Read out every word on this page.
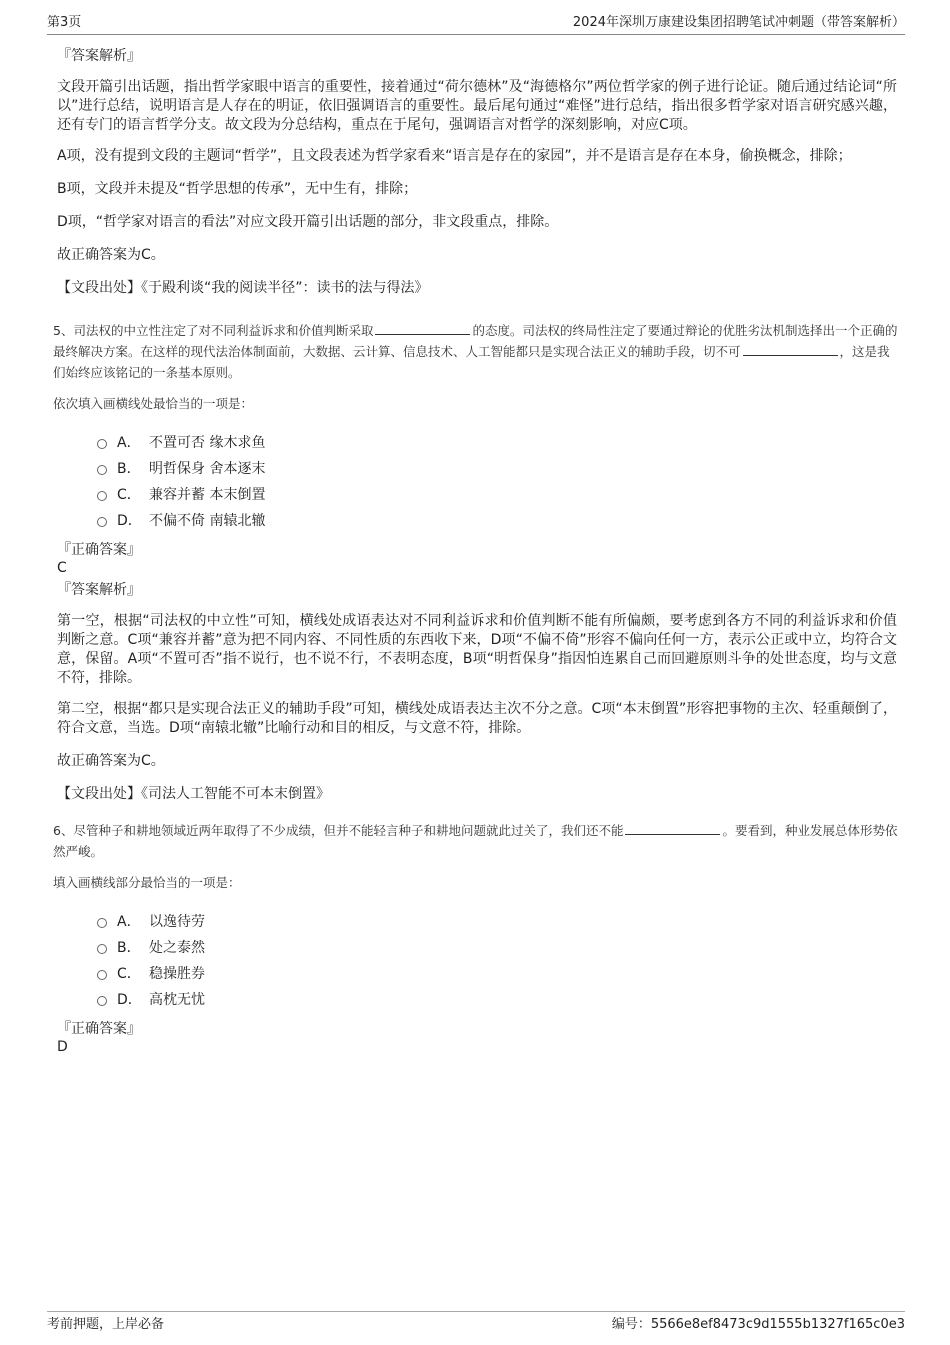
第3页	2024年深圳万康建设集团招聘笔试冲刺题（带答案解析）
『答案解析』
文段开篇引出话题，指出哲学家眼中语言的重要性，接着通过“荷尔德林”及“海德格尔”两位哲学家的例子进行论证。随后通过结论词“所以”进行总结，说明语言是人存在的明证，依旧强调语言的重要性。最后尾句通过“难怪”进行总结，指出很多哲学家对语言研究感兴趣，还有专门的语言哲学分支。故文段为分总结构，重点在于尾句，强调语言对哲学的深刻影响，对应C项。
A项，没有提到文段的主题词“哲学”，且文段表述为哲学家看来“语言是存在的家园”，并不是语言是存在本身，偷换概念，排除；
B项，文段并未提及“哲学思想的传承”，无中生有，排除；
D项，“哲学家对语言的看法”对应文段开篇引出话题的部分，非文段重点，排除。
故正确答案为C。
【文段出处】《于殿利谈“我的阅读半径”：读书的法与得法》
5、司法权的中立性注定了对不同利益诉求和价值判断采取	的态度。司法权的终局性注定了要通过辩论的优胜劣汰机制选择出一个正确的最终解决方案。在这样的现代法治体制面前，大数据、云计算、信息技术、人工智能都只是实现合法正义的辅助手段，切不可	，这是我们始终应该铭记的一条基本原则。
依次填入画横线处最恰当的一项是：
A． 不置可否 缘木求鱼
B． 明哲保身 舍本逐末
C． 兼容并蓄 本末倒置
D． 不偏不倚 南辕北辙
『正确答案』
C
『答案解析』
第一空，根据“司法权的中立性”可知，横线处成语表达对不同利益诉求和价值判断不能有所偏颇，要考虑到各方不同的利益诉求和价值判断之意。C项“兼容并蓄”意为把不同内容、不同性质的东西收下来，D项“不偏不倚”形容不偏向任何一方，表示公正或中立，均符合文意，保留。A项“不置可否”指不说行，也不说不行，不表明态度，B项“明哲保身”指因怕连累自己而回避原则斗争的处世态度，均与文意不符，排除。
第二空，根据“都只是实现合法正义的辅助手段”可知，横线处成语表达主次不分之意。C项“本末倒置”形容把事物的主次、轻重颠倒了，符合文意，当选。D项“南辕北辙”比喻行动和目的相反，与文意不符，排除。
故正确答案为C。
【文段出处】《司法人工智能不可本末倒置》
6、尽管种子和耕地领域近两年取得了不少成绩，但并不能轻言种子和耕地问题就此过关了，我们还不能	。要看到，种业发展总体形势依然严峻。
填入画横线部分最恰当的一项是：
A． 以逸待劳
B． 处之泰然
C． 稳操胜券
D． 高枕无忧
『正确答案』
D
考前押题，上岸必备	编号：5566e8ef8473c9d1555b1327f165c0e3
